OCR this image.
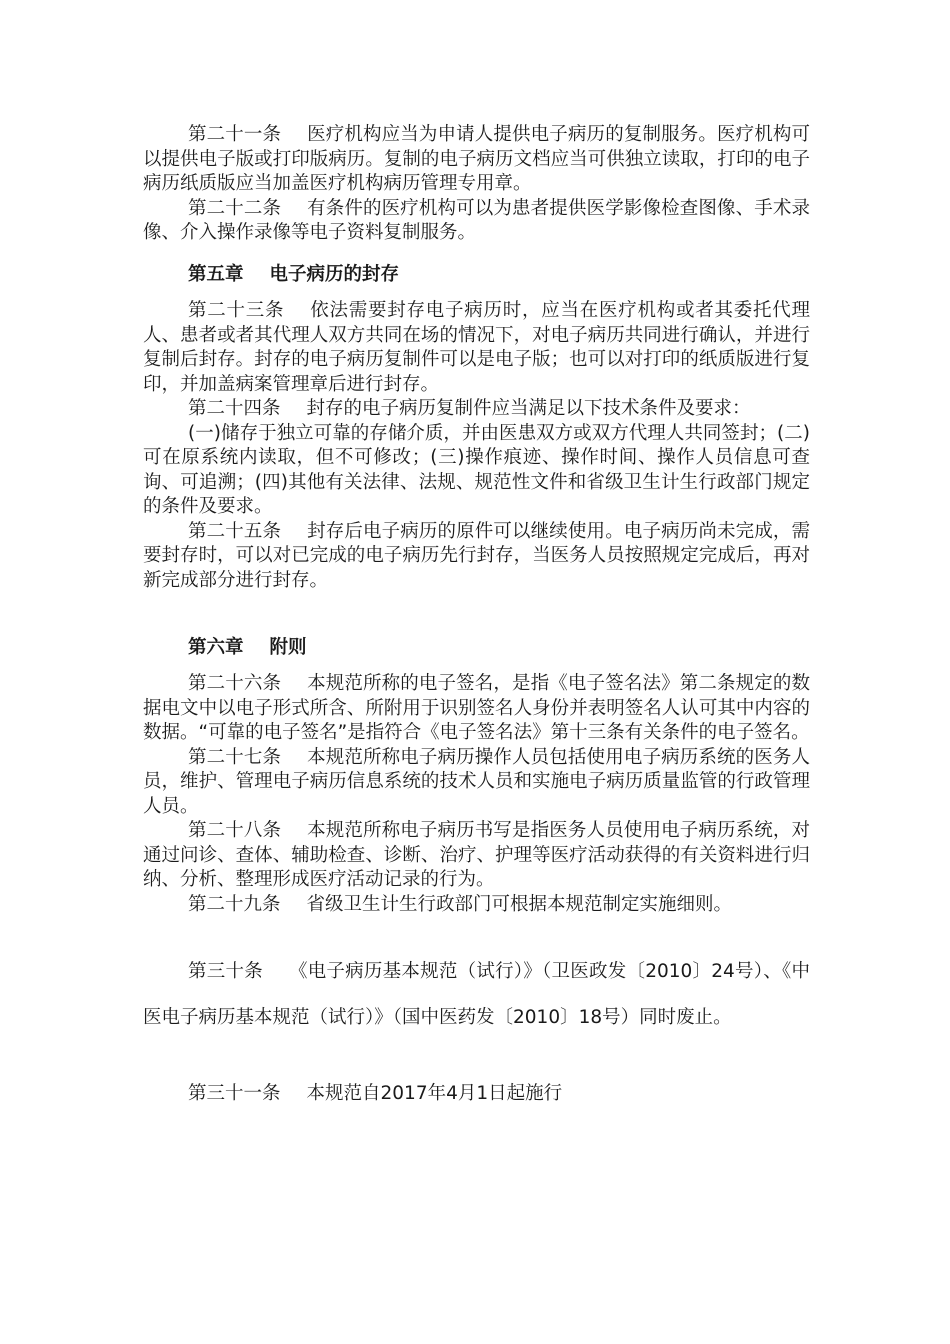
第二十一条 医疗机构应当为申请人提供电子病历的复制服务。医疗机构可以提供电子版或打印版病历。复制的电子病历文档应当可供独立读取，打印的电子病历纸质版应当加盖医疗机构病历管理专用章。

第二十二条 有条件的医疗机构可以为患者提供医学影像检查图像、手术录像、介入操作录像等电子资料复制服务。

第五章 电子病历的封存

第二十三条 依法需要封存电子病历时，应当在医疗机构或者其委托代理人、患者或者其代理人双方共同在场的情况下，对电子病历共同进行确认，并进行复制后封存。封存的电子病历复制件可以是电子版；也可以对打印的纸质版进行复印，并加盖病案管理章后进行封存。

第二十四条 封存的电子病历复制件应当满足以下技术条件及要求：

(一)储存于独立可靠的存储介质，并由医患双方或双方代理人共同签封；(二)可在原系统内读取，但不可修改；(三)操作痕迹、操作时间、操作人员信息可查询、可追溯；(四)其他有关法律、法规、规范性文件和省级卫生计生行政部门规定的条件及要求。

第二十五条 封存后电子病历的原件可以继续使用。电子病历尚未完成，需要封存时，可以对已完成的电子病历先行封存，当医务人员按照规定完成后，再对新完成部分进行封存。

第六章 附则

第二十六条 本规范所称的电子签名，是指《电子签名法》第二条规定的数据电文中以电子形式所含、所附用于识别签名人身份并表明签名人认可其中内容的数据。“可靠的电子签名”是指符合《电子签名法》第十三条有关条件的电子签名。

第二十七条 本规范所称电子病历操作人员包括使用电子病历系统的医务人员，维护、管理电子病历信息系统的技术人员和实施电子病历质量监管的行政管理人员。

第二十八条 本规范所称电子病历书写是指医务人员使用电子病历系统，对通过问诊、查体、辅助检查、诊断、治疗、护理等医疗活动获得的有关资料进行归纳、分析、整理形成医疗活动记录的行为。

第二十九条 省级卫生计生行政部门可根据本规范制定实施细则。

第三十条 《电子病历基本规范（试行）》（卫医政发〔2010〕24号）、《中医电子病历基本规范（试行）》（国中医药发〔2010〕18号）同时废止。

第三十一条 本规范自2017年4月1日起施行
